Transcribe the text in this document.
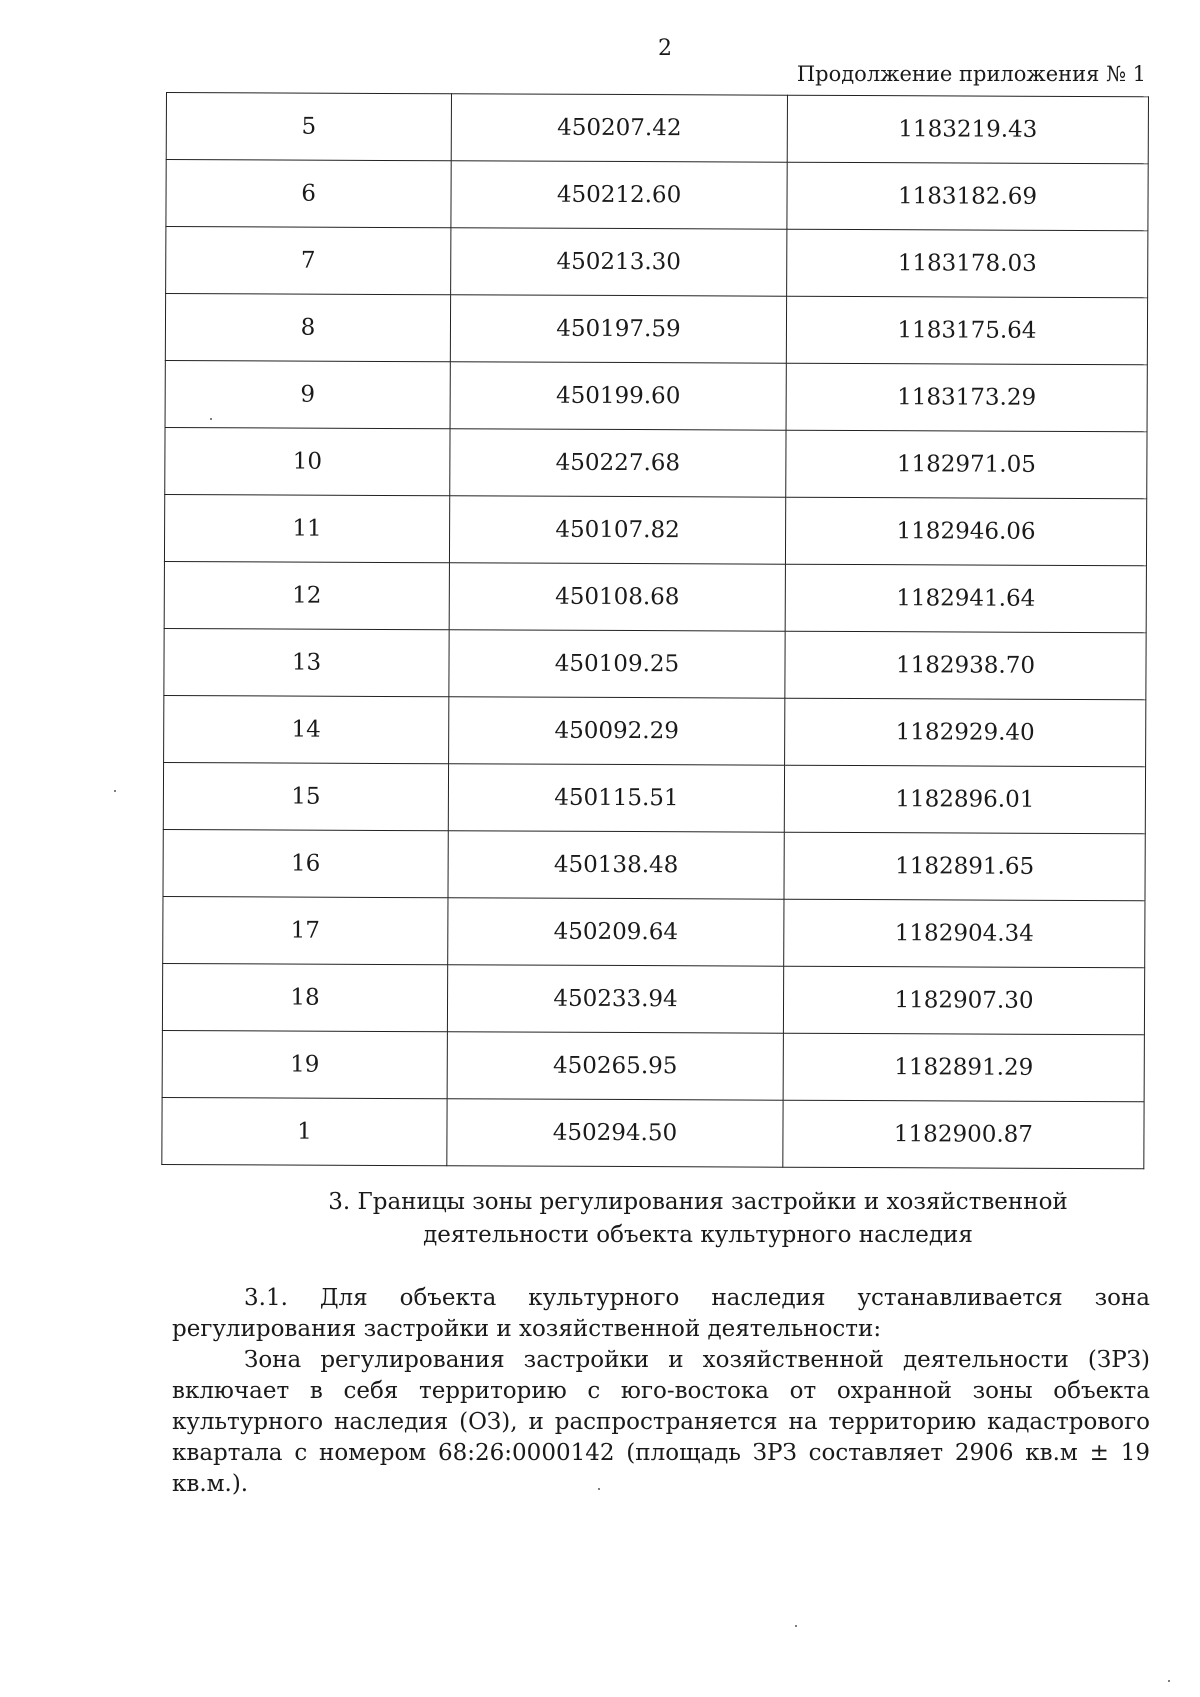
2
Продолжение приложения № 1
5	450207.42	1183219.43
6	450212.60	1183182.69
7	450213.30	1183178.03
8	450197.59	1183175.64
9	450199.60	1183173.29
10	450227.68	1182971.05
11	450107.82	1182946.06
12	450108.68	1182941.64
13	450109.25	1182938.70
14	450092.29	1182929.40
15	450115.51	1182896.01
16	450138.48	1182891.65
17	450209.64	1182904.34
18	450233.94	1182907.30
19	450265.95	1182891.29
1	450294.50	1182900.87
3. Границы зоны регулирования застройки и хозяйственной
деятельности объекта культурного наследия
3.1. Для объекта культурного наследия устанавливается зона регулирования застройки и хозяйственной деятельности:
Зона регулирования застройки и хозяйственной деятельности (ЗРЗ) включает в себя территорию с юго-востока от охранной зоны объекта культурного наследия (ОЗ), и распространяется на территорию кадастрового квартала с номером 68:26:0000142 (площадь ЗРЗ составляет 2906 кв.м ± 19 кв.м.).
